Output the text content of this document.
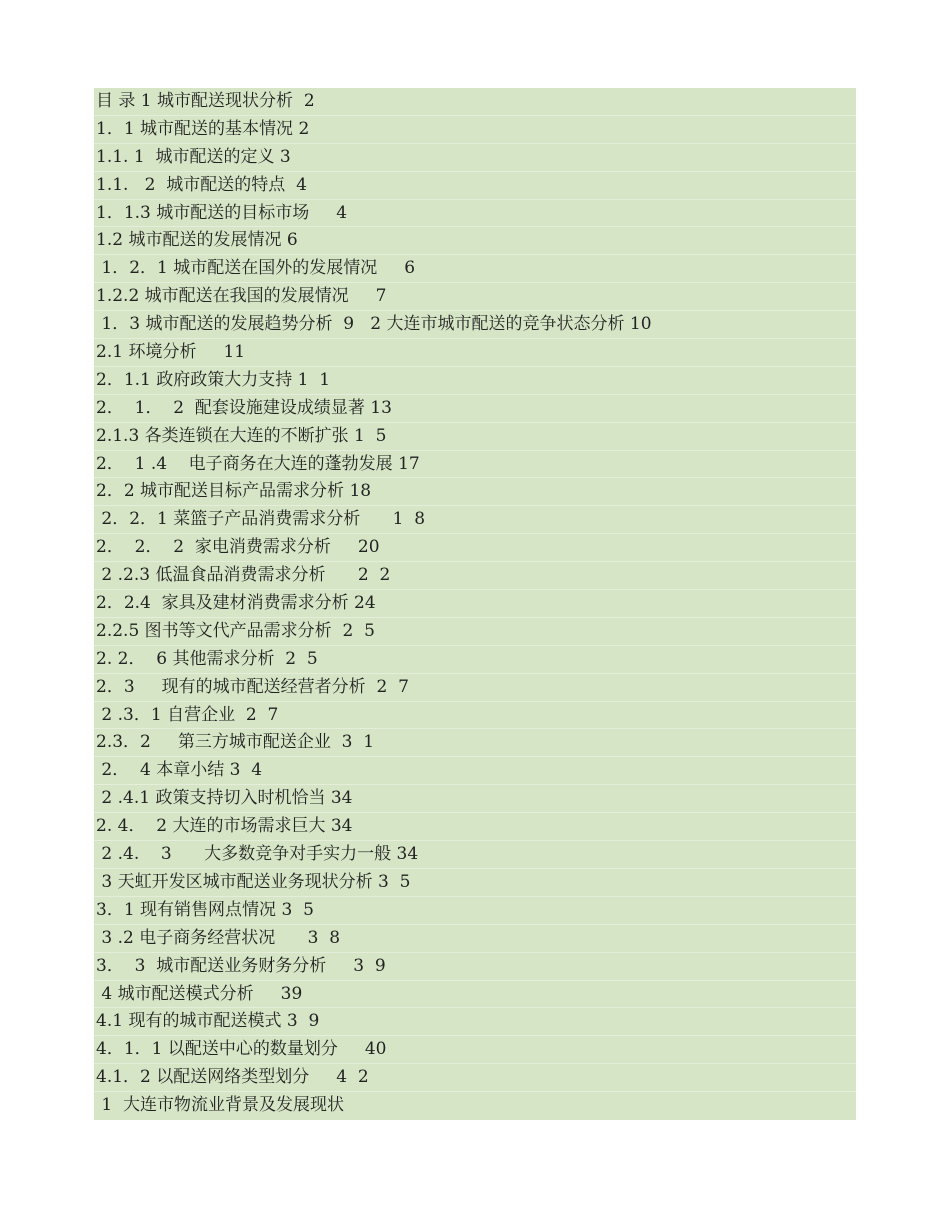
目 录 1 城市配送现状分析  2
1．1 城市配送的基本情况 2
1.1. 1  城市配送的定义 3
1.1.   2  城市配送的特点  4
1．1.3 城市配送的目标市场     4
1.2 城市配送的发展情况 6
1．2．1 城市配送在国外的发展情况     6
1.2.2 城市配送在我国的发展情况     7
1．3 城市配送的发展趋势分析  9   2 大连市城市配送的竞争状态分析 10
2.1 环境分析     11
2．1.1 政府政策大力支持 1  1
2．  1．  2  配套设施建设成绩显著 13
2.1.3 各类连锁在大连的不断扩张 1  5
2．  1 .4    电子商务在大连的蓬勃发展 17
2．2 城市配送目标产品需求分析 18
2．2．1 菜篮子产品消费需求分析      1  8
2．  2．  2  家电消费需求分析     20
2 .2.3 低温食品消费需求分析      2  2
2．2.4  家具及建材消费需求分析 24
2.2.5 图书等文代产品需求分析  2  5
2. 2．  6 其他需求分析  2  5
2．3     现有的城市配送经营者分析  2  7
2 .3．1 自营企业  2  7
2.3．2     第三方城市配送企业  3  1
2．  4 本章小结 3  4
2 .4.1 政策支持切入时机恰当 34
2. 4．  2 大连的市场需求巨大 34
2 .4.    3      大多数竞争对手实力一般 34
3 天虹开发区城市配送业务现状分析 3  5
3．1 现有销售网点情况 3  5
3 .2 电子商务经营状况      3  8
3．  3  城市配送业务财务分析     3  9
4 城市配送模式分析     39
4.1 现有的城市配送模式 3  9
4．1．1 以配送中心的数量划分     40
4.1．2 以配送网络类型划分     4  2
1  大连市物流业背景及发展现状
